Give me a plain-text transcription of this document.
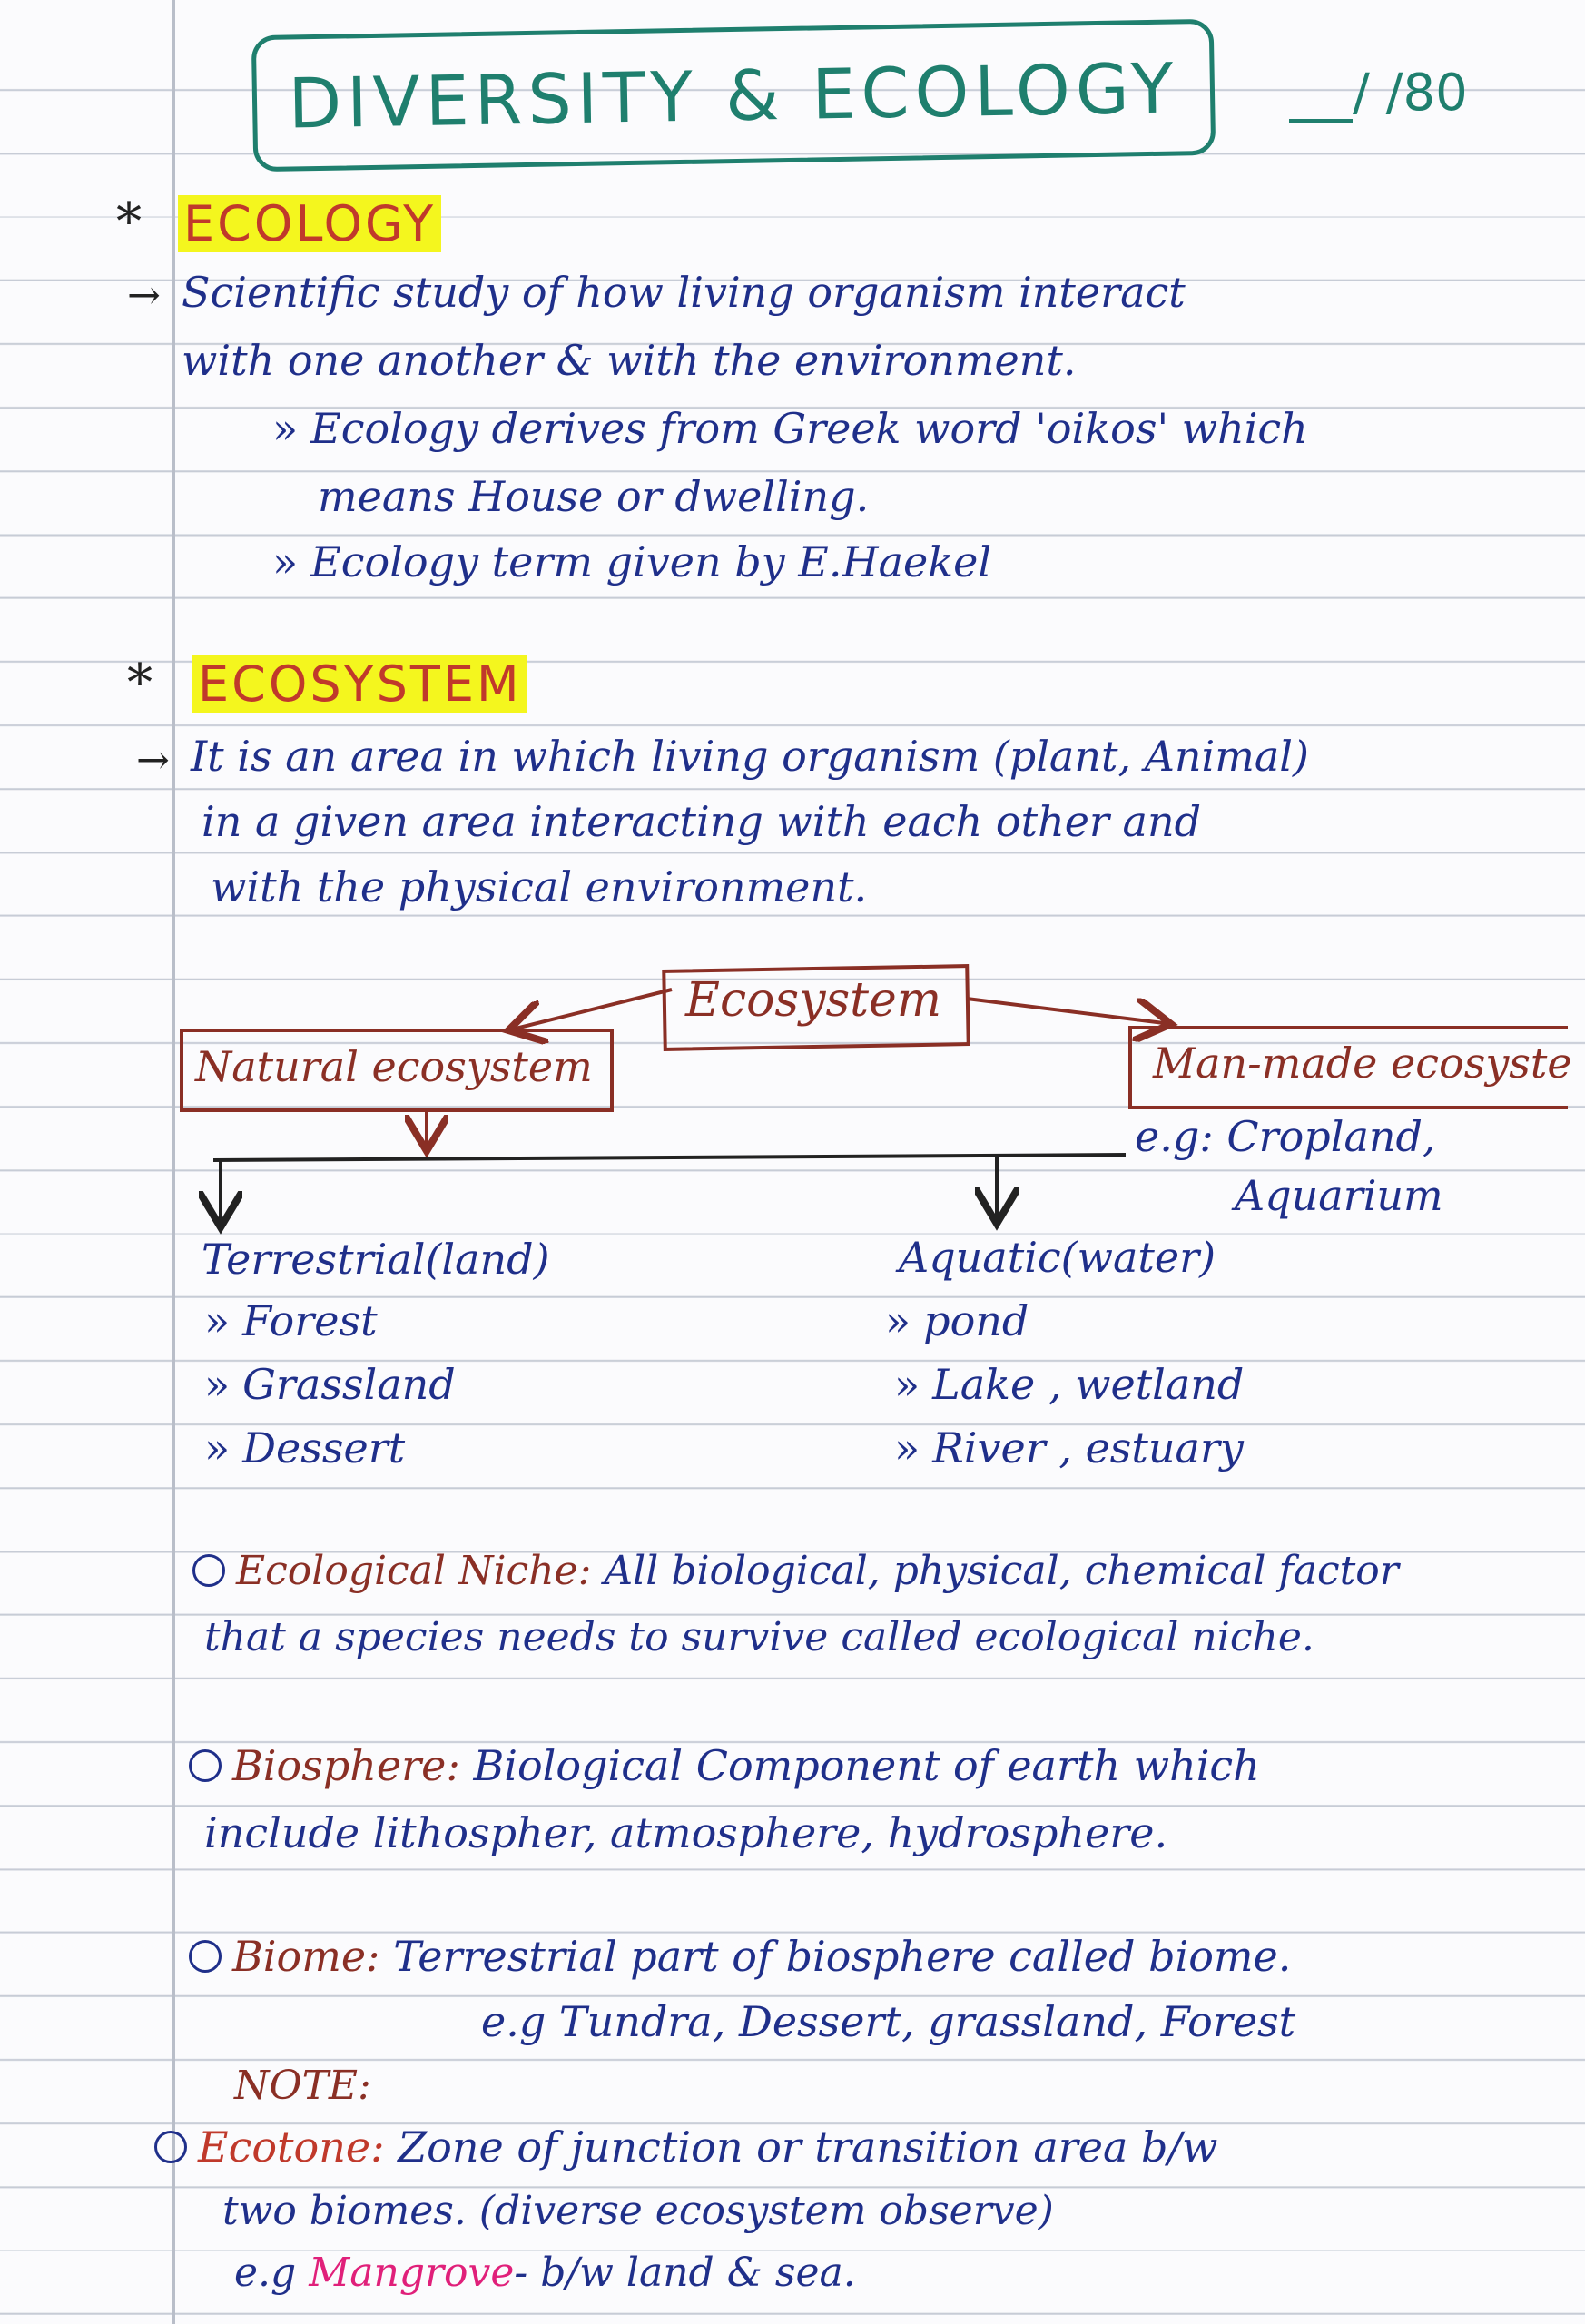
DIVERSITY & ECOLOGY	/ /80
* ECOLOGY
→ Scientific study of how living organism interact
with one another & with the environment.
» Ecology derives from Greek word 'oikos' which
means House or dwelling.
» Ecology term given by E.Haekel
* ECOSYSTEM
→ It is an area in which living organism (plant, Animal)
in a given area interacting with each other and
with the physical environment.
Ecosystem
Natural ecosystem	Man-made ecosyste
e.g: Cropland,
Aquarium
Terrestrial(land)
» Forest
» Grassland
» Dessert
Aquatic(water)
» pond
» Lake , wetland
» River , estuary
Ecological Niche: All biological, physical, chemical factor
that a species needs to survive called ecological niche.
Biosphere: Biological Component of earth which
include lithospher, atmosphere, hydrosphere.
Biome: Terrestrial part of biosphere called biome.
e.g Tundra, Dessert, grassland, Forest
NOTE:
Ecotone: Zone of junction or transition area b/w
two biomes. (diverse ecosystem observe)
e.g Mangrove- b/w land & sea.
